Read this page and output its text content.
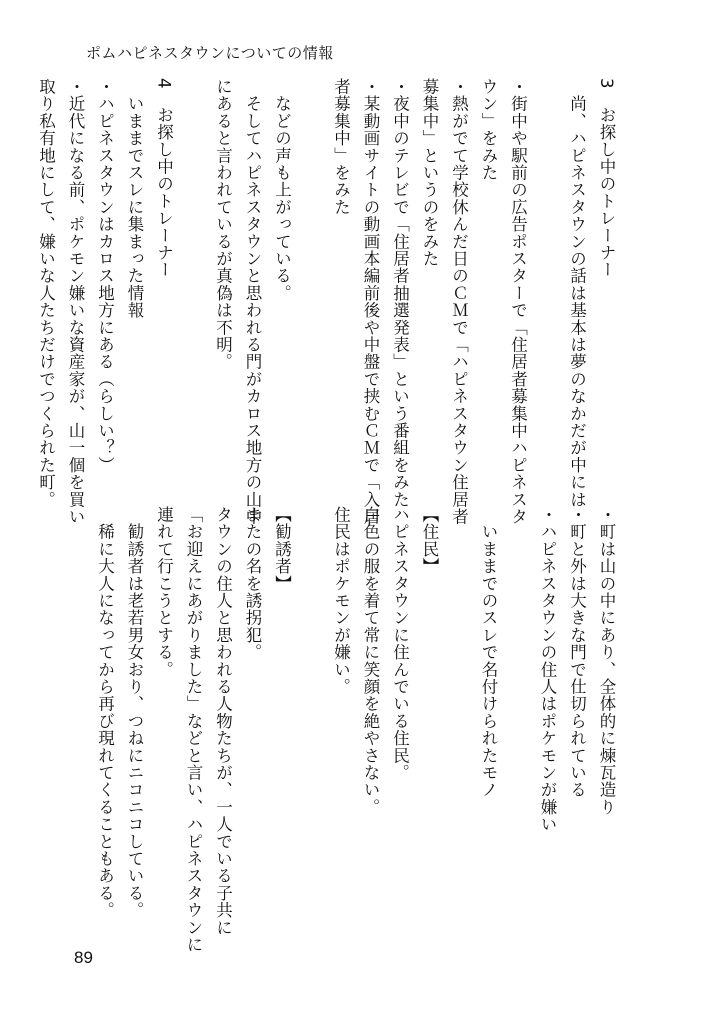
ポムハピネスタウンについての情報

3　お探し中のトレーナー

　尚、ハピネスタウンの話は基本は夢のなかだが中には

・街中や駅前の広告ポスターで「住居者募集中ハピネスタ

ウン」をみた

・熱がでて学校休んだ日のＣＭで「ハピネスタウン住居者

募集中」というのをみた

・夜中のテレビで「住居者抽選発表」という番組をみた

・某動画サイトの動画本編前後や中盤で挟むＣＭで「入居

者募集中」をみた

　などの声も上がっている。

　そしてハピネスタウンと思われる門がカロス地方の山中

にあると言われているが真偽は不明。

4　お探し中のトレーナー

　いままでスレに集まった情報

・ハピネスタウンはカロス地方にある（らしい？）

・近代になる前、ポケモン嫌いな資産家が、山一個を買い

取り私有地にして、嫌いな人たちだけでつくられた町。

・町は山の中にあり、全体的に煉瓦造り

・町と外は大きな門で仕切られている

・ハピネスタウンの住人はポケモンが嫌い

　いままでのスレで名付けられたモノ

【住民】

ハピネスタウンに住んでいる住民。

白色の服を着て常に笑顔を絶やさない。

住民はポケモンが嫌い。

【勧誘者】

またの名を誘拐犯。

タウンの住人と思われる人物たちが、一人でいる子共に

「お迎えにあがりました」などと言い、ハピネスタウンに

連れて行こうとする。

　勧誘者は老若男女おり、つねにニコニコしている。

　稀に大人になってから再び現れてくることもある。

89
